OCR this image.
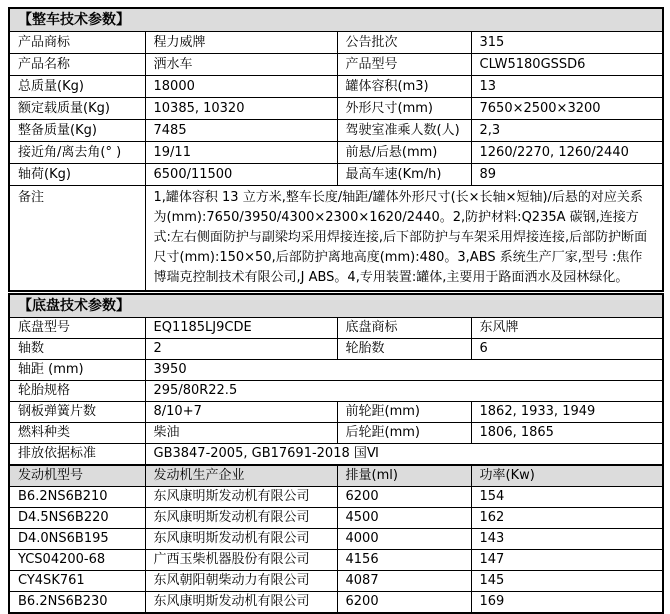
【整车技术参数】			
产品商标	程力威牌	公告批次	315
产品名称	洒水车	产品型号	CLW5180GSSD6
总质量(Kg)	18000	罐体容积(m3)	13
额定载质量(Kg)	10385, 10320	外形尺寸(mm)	7650×2500×3200
整备质量(Kg)	7485	驾驶室准乘人数(人)	2,3
接近角/离去角(° )	19/11	前悬/后悬(mm)	1260/2270, 1260/2440
轴荷(Kg)	6500/11500	最高车速(Km/h)	89
备注	1,罐体容积 13 立方米,整车长度/轴距/罐体外形尺寸(长×长轴×短轴)/后悬的对应关系为(mm):7650/3950/4300×2300×1620/2440。2,防护材料:Q235A 碳钢,连接方式:左右侧面防护与副梁均采用焊接连接,后下部防护与车架采用焊接连接,后部防护断面尺寸(mm):150×50,后部防护离地高度(mm):480。3,ABS 系统生产厂家,型号 :焦作博瑞克控制技术有限公司,J ABS。4,专用装置:罐体,主要用于路面洒水及园林绿化。		
【底盘技术参数】			
底盘型号	EQ1185LJ9CDE	底盘商标	东风牌
轴数	2	轮胎数	6
轴距 (mm)	3950		
轮胎规格	295/80R22.5		
钢板弹簧片数	8/10+7	前轮距(mm)	1862, 1933, 1949
燃料种类	柴油	后轮距(mm)	1806, 1865
排放依据标准	GB3847-2005, GB17691-2018 国Ⅵ		
发动机型号	发动机生产企业	排量(ml)	功率(Kw)
B6.2NS6B210	东风康明斯发动机有限公司	6200	154
D4.5NS6B220	东风康明斯发动机有限公司	4500	162
D4.0NS6B195	东风康明斯发动机有限公司	4000	143
YCS04200-68	广西玉柴机器股份有限公司	4156	147
CY4SK761	东风朝阳朝柴动力有限公司	4087	145
B6.2NS6B230	东风康明斯发动机有限公司	6200	169
